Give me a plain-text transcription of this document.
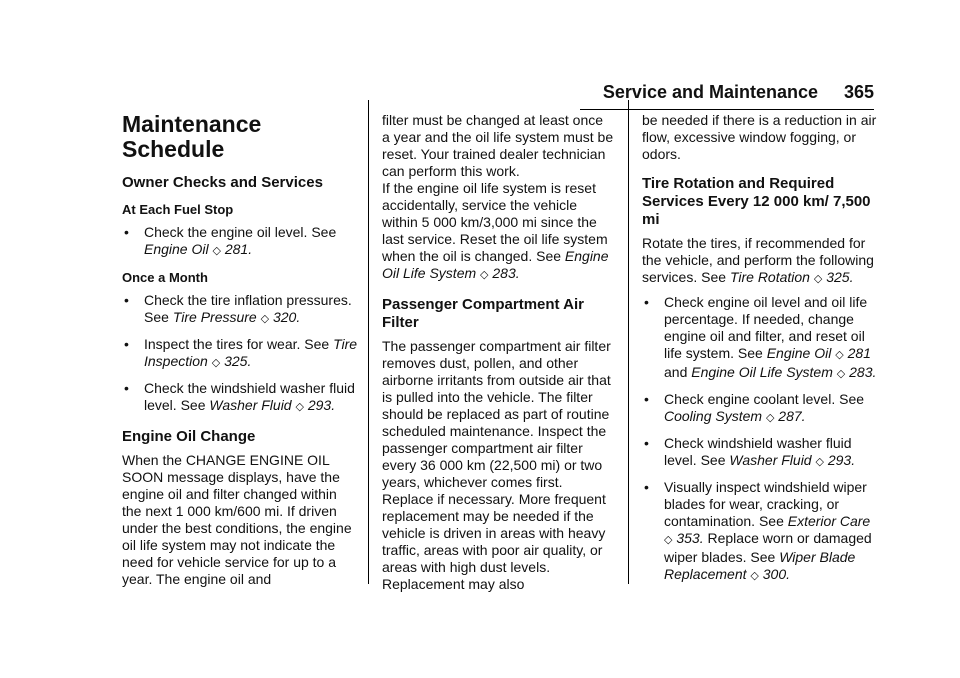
Service and Maintenance 365
Maintenance Schedule
Owner Checks and Services
At Each Fuel Stop
• Check the engine oil level. See Engine Oil ◇ 281.
Once a Month
• Check the tire inflation pressures. See Tire Pressure ◇ 320.
• Inspect the tires for wear. See Tire Inspection ◇ 325.
• Check the windshield washer fluid level. See Washer Fluid ◇ 293.
Engine Oil Change

When the CHANGE ENGINE OIL SOON message displays, have the engine oil and filter changed within the next 1 000 km/600 mi. If driven under the best conditions, the engine oil life system may not indicate the need for vehicle service for up to a year. The engine oil and

filter must be changed at least once a year and the oil life system must be reset. Your trained dealer technician can perform this work.

If the engine oil life system is reset accidentally, service the vehicle within 5 000 km/3,000 mi since the last service. Reset the oil life system when the oil is changed. See Engine Oil Life System ◇ 283.

Passenger Compartment Air Filter

The passenger compartment air filter removes dust, pollen, and other airborne irritants from outside air that is pulled into the vehicle. The filter should be replaced as part of routine scheduled maintenance. Inspect the passenger compartment air filter every 36 000 km (22,500 mi) or two years, whichever comes first. Replace if necessary. More frequent replacement may be needed if the vehicle is driven in areas with heavy traffic, areas with poor air quality, or areas with high dust levels. Replacement may also

be needed if there is a reduction in air flow, excessive window fogging, or odors.

Tire Rotation and Required Services Every 12 000 km/ 7,500 mi

Rotate the tires, if recommended for the vehicle, and perform the following services. See Tire Rotation ◇ 325.

• Check engine oil level and oil life percentage. If needed, change engine oil and filter, and reset oil life system. See Engine Oil ◇ 281 and Engine Oil Life System ◇ 283.
• Check engine coolant level. See Cooling System ◇ 287.
• Check windshield washer fluid level. See Washer Fluid ◇ 293.
• Visually inspect windshield wiper blades for wear, cracking, or contamination. See Exterior Care ◇ 353. Replace worn or damaged wiper blades. See Wiper Blade Replacement ◇ 300.
